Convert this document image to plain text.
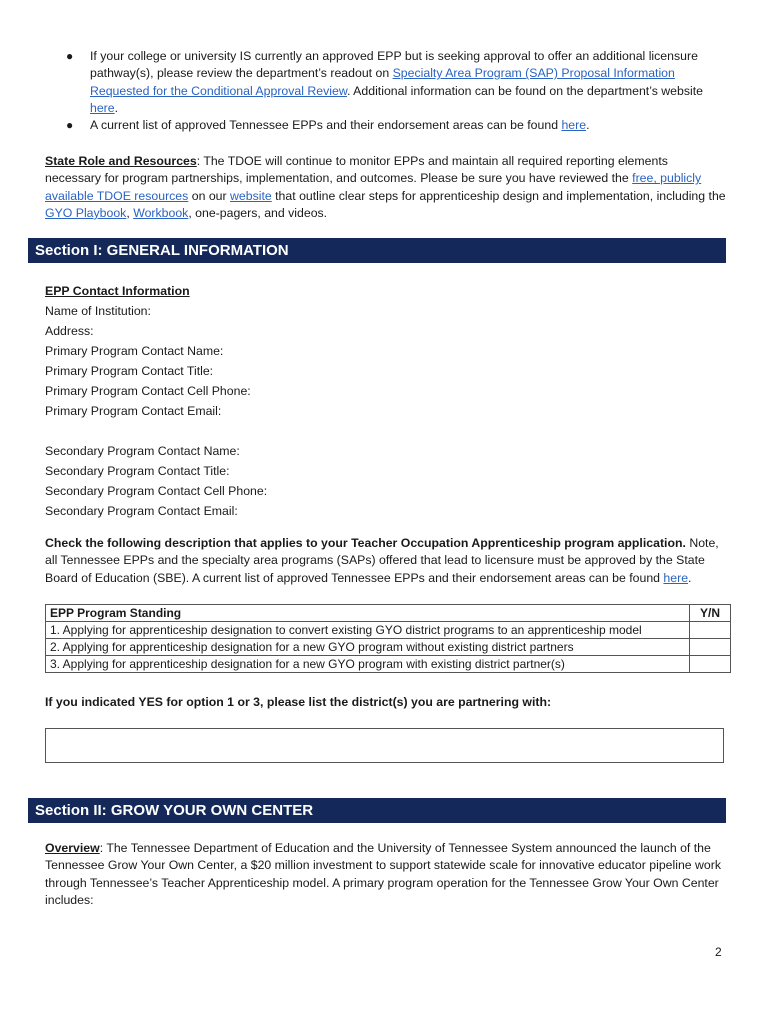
● If your college or university IS currently an approved EPP but is seeking approval to offer an additional licensure pathway(s), please review the department’s readout on Specialty Area Program (SAP) Proposal Information Requested for the Conditional Approval Review. Additional information can be found on the department’s website here.
● A current list of approved Tennessee EPPs and their endorsement areas can be found here.
State Role and Resources: The TDOE will continue to monitor EPPs and maintain all required reporting elements necessary for program partnerships, implementation, and outcomes. Please be sure you have reviewed the free, publicly available TDOE resources on our website that outline clear steps for apprenticeship design and implementation, including the GYO Playbook, Workbook, one-pagers, and videos.
Section I: GENERAL INFORMATION
EPP Contact Information
Name of Institution:
Address:
Primary Program Contact Name:
Primary Program Contact Title:
Primary Program Contact Cell Phone:
Primary Program Contact Email:
Secondary Program Contact Name:
Secondary Program Contact Title:
Secondary Program Contact Cell Phone:
Secondary Program Contact Email:
Check the following description that applies to your Teacher Occupation Apprenticeship program application. Note, all Tennessee EPPs and the specialty area programs (SAPs) offered that lead to licensure must be approved by the State Board of Education (SBE). A current list of approved Tennessee EPPs and their endorsement areas can be found here.
EPP Program Standing	Y/N
1. Applying for apprenticeship designation to convert existing GYO district programs to an apprenticeship model	
2. Applying for apprenticeship designation for a new GYO program without existing district partners	
3. Applying for apprenticeship designation for a new GYO program with existing district partner(s)	
If you indicated YES for option 1 or 3, please list the district(s) you are partnering with:
Section II: GROW YOUR OWN CENTER
Overview: The Tennessee Department of Education and the University of Tennessee System announced the launch of the Tennessee Grow Your Own Center, a $20 million investment to support statewide scale for innovative educator pipeline work through Tennessee’s Teacher Apprenticeship model. A primary program operation for the Tennessee Grow Your Own Center includes:
2
